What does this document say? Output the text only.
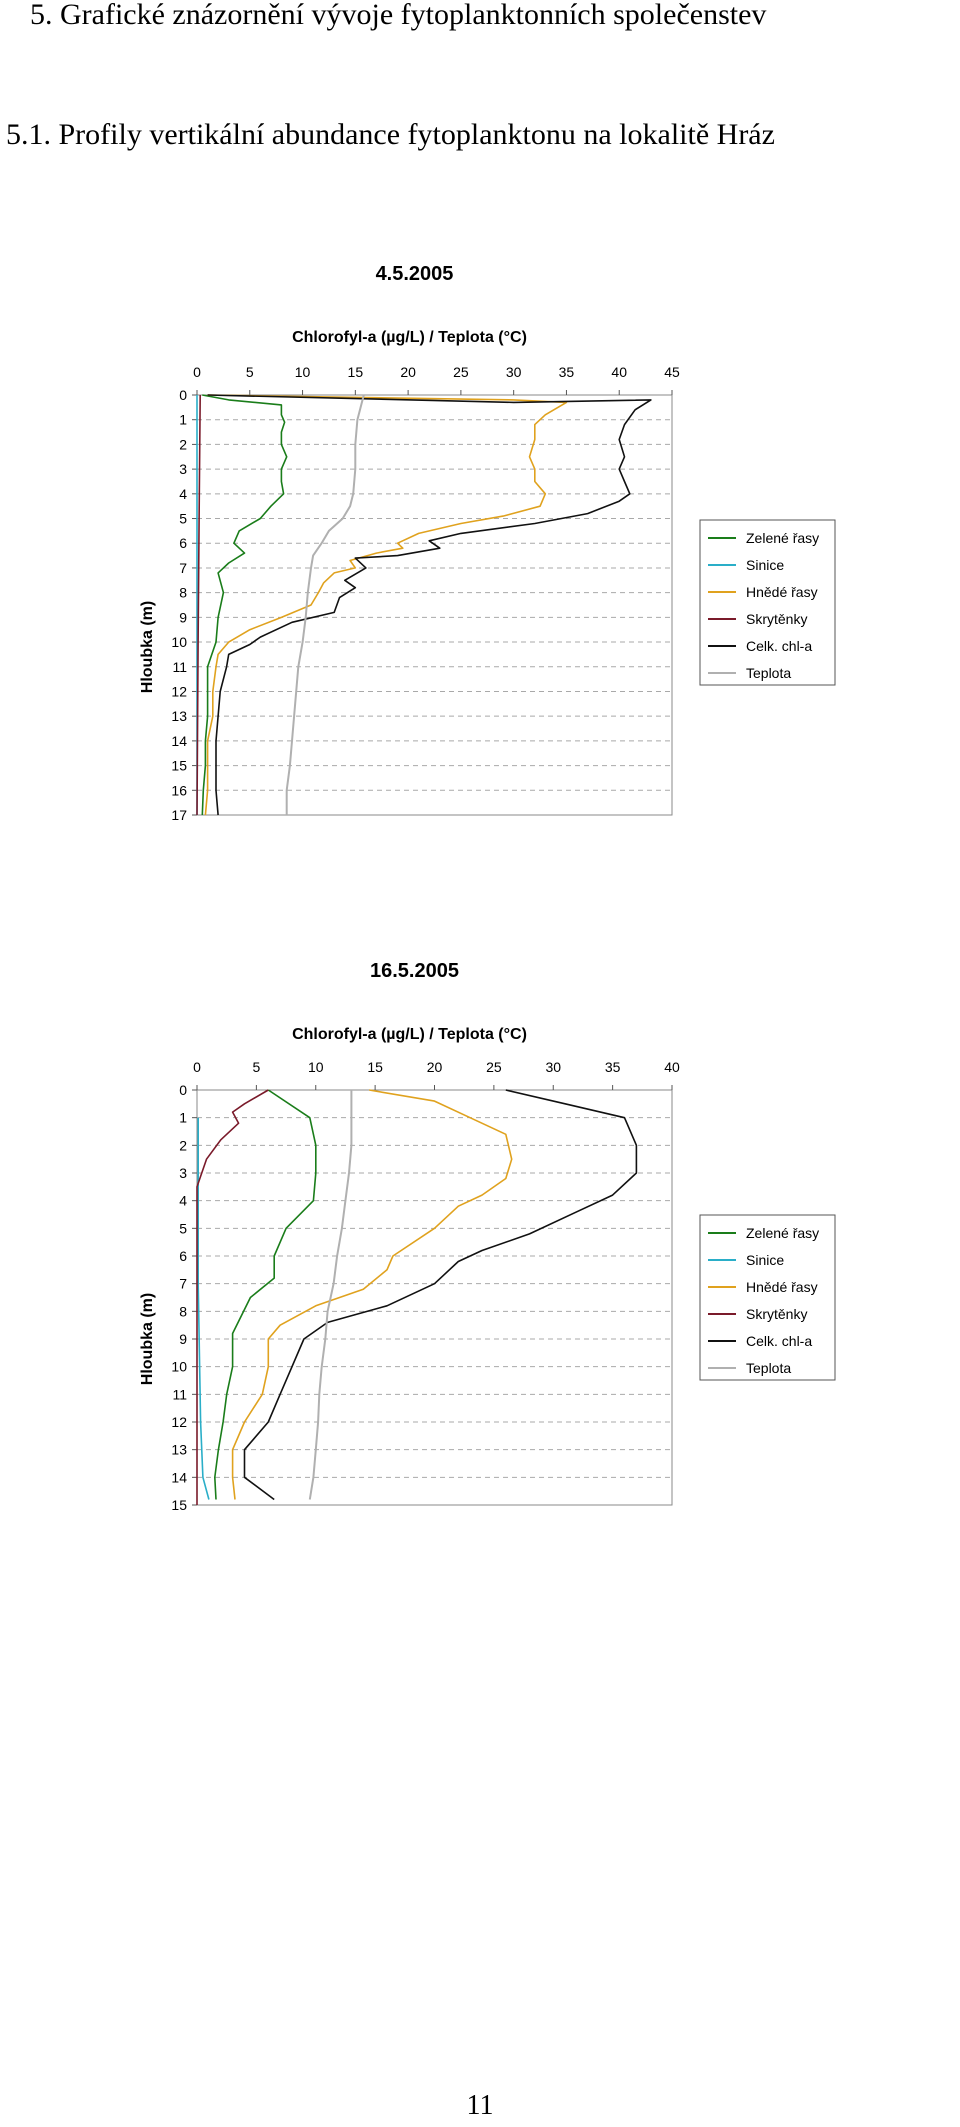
5. Grafické znázornění vývoje fytoplanktonních společenstev
5.1. Profily vertikální abundance fytoplanktonu na lokalitě Hráz
4.5.2005
Chlorofyl-a (µg/L) / Teplota (°C)
Hloubka (m)
0
1
2
3
4
5
6
7
8
9
10
11
12
13
14
15
16
17
0	5	10	15	20	25	30	35	40	45
Zelené řasy
Sinice
Hnědé řasy
Skrytěnky
Celk. chl-a
Teplota
16.5.2005
Chlorofyl-a (µg/L) / Teplota (°C)
Hloubka (m)
0
1
2
3
4
5
6
7
8
9
10
11
12
13
14
15
0	5	10	15	20	25	30	35	40
Zelené řasy
Sinice
Hnědé řasy
Skrytěnky
Celk. chl-a
Teplota
11
